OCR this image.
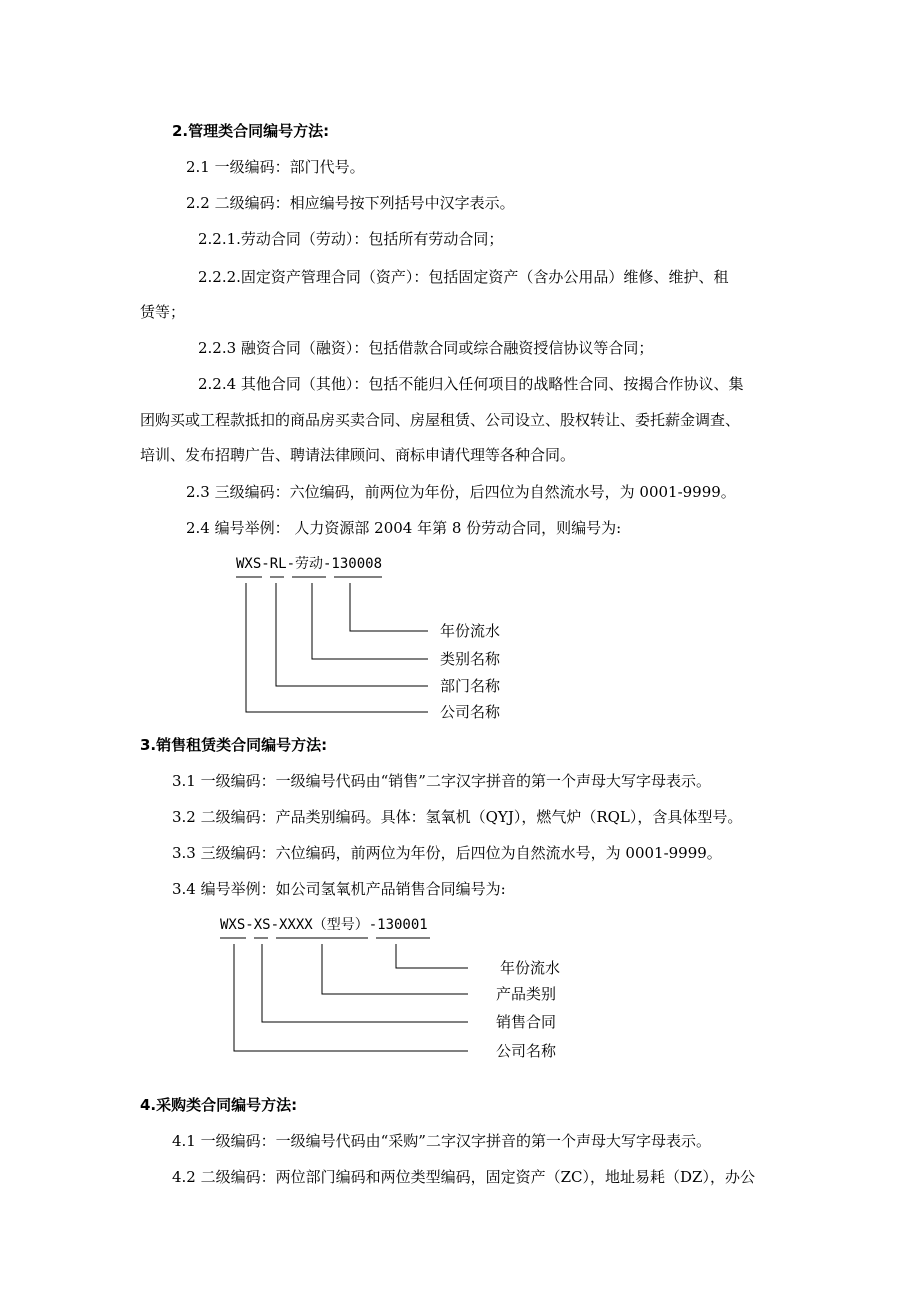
2.管理类合同编号方法:
2.1 一级编码：部门代号。
2.2 二级编码：相应编号按下列括号中汉字表示。
2.2.1.劳动合同（劳动）：包括所有劳动合同；
2.2.2.固定资产管理合同（资产）：包括固定资产（含办公用品）维修、维护、租
赁等；
2.2.3 融资合同（融资）：包括借款合同或综合融资授信协议等合同；
2.2.4 其他合同（其他）：包括不能归入任何项目的战略性合同、按揭合作协议、集
团购买或工程款抵扣的商品房买卖合同、房屋租赁、公司设立、股权转让、委托薪金调查、
培训、发布招聘广告、聘请法律顾问、商标申请代理等各种合同。
2.3 三级编码：六位编码，前两位为年份，后四位为自然流水号，为 0001-9999。
2.4 编号举例： 人力资源部 2004 年第 8 份劳动合同，则编号为:
WXS-RL-劳动-130008
年份流水
类别名称
部门名称
公司名称
3.销售租赁类合同编号方法:
3.1 一级编码：一级编号代码由“销售”二字汉字拼音的第一个声母大写字母表示。
3.2 二级编码：产品类别编码。具体：氢氧机（QYJ），燃气炉（RQL），含具体型号。
3.3 三级编码：六位编码，前两位为年份，后四位为自然流水号，为 0001-9999。
3.4 编号举例：如公司氢氧机产品销售合同编号为:
WXS-XS-XXXX（型号）-130001
年份流水
产品类别
销售合同
公司名称
4.采购类合同编号方法:
4.1 一级编码：一级编号代码由“采购”二字汉字拼音的第一个声母大写字母表示。
4.2 二级编码：两位部门编码和两位类型编码，固定资产（ZC），地址易耗（DZ），办公
